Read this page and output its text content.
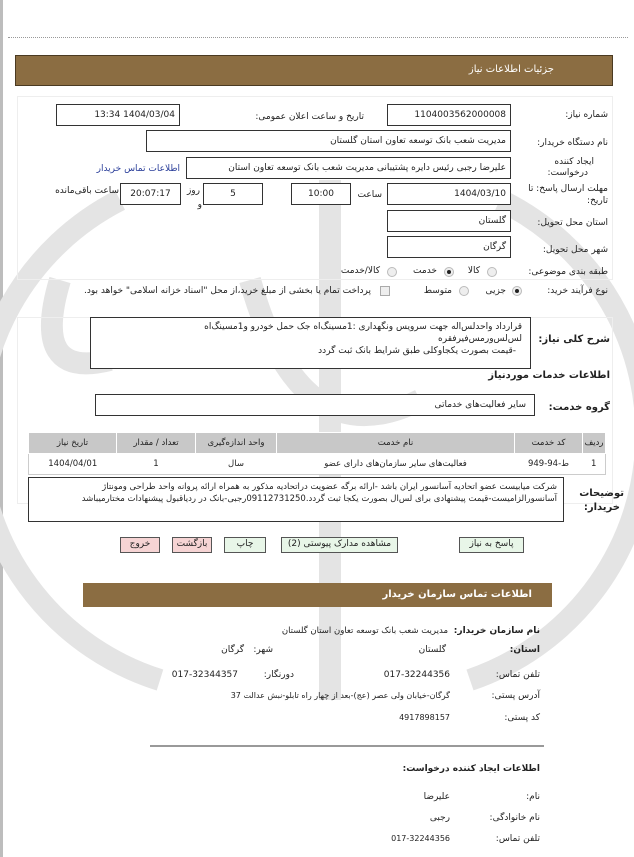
جزئیات اطلاعات نیاز
شماره نیاز:
1104003562000008
تاریخ و ساعت اعلان عمومی:
1404/03/04 13:34
نام دستگاه خریدار:
مدیریت شعب بانک توسعه تعاون استان گلستان
ایجاد کننده
درخواست:
علیرضا رجبی رئیس دایره پشتیبانی مدیریت شعب بانک توسعه تعاون استان
اطلاعات تماس خریدار
مهلت ارسال پاسخ: تا
تاریخ:
1404/03/10
ساعت
10:00
روز
و
5
20:07:17
ساعت باقی‌مانده
استان محل تحویل:
گلستان
شهر محل تحویل:
گرگان
طبقه بندی موضوعی:
کالا
خدمت
کالا/خدمت
نوع فرآیند خرید:
جزیی
متوسط
پرداخت تمام یا بخشی از مبلغ خرید،از محل "اسناد خزانه اسلامی" خواهد بود.
شرح کلی نیاز:
قرارداد واحدلس‌اله جهت سرویس ونگهداری :1مسینگ‌اه جک حمل خودرو و1مسینگ‌اه
لس‌لس‌ورمس‌فیرفقره
-قیمت بصورت یکجاوکلی طبق شرایط بانک ثبت گردد
اطلاعات خدمات موردنیاز
گروه خدمت:
سایر فعالیت‌های خدماتی
ردیف	کد خدمت	نام خدمت	واحد اندازه‌گیری	تعداد / مقدار	تاریخ نیاز
1	ط-94-949	فعالیت‌های سایر سازمان‌های دارای عضو	سال	1	1404/04/01
توضیحات
خریدار:
شرکت میابیست عضو اتحادیه آسانسور ایران باشد -ارائه برگه عضویت دراتحادیه مذکور به همراه ارائه پروانه واحد طراحی ومونتاژ آسانسورالزامیست-قیمت پیشنهادی برای لس‌ال بصورت یکجا ثبت گردد.09112731250رجبی-بانک در ردیاقبول پیشنهادات مختارمیباشد
پاسخ به نیاز
مشاهده مدارک پیوستی (2)
چاپ
بازگشت
خروج
اطلاعات تماس سازمان خریدار
نام سازمان خریدار:
مدیریت شعب بانک توسعه تعاون استان گلستان
استان:
گلستان
شهر:
گرگان
تلفن تماس:
017-32244356
دورنگار:
017-32344357
آدرس پستی:
گرگان-خیابان ولی عصر (عج)-بعد از چهار راه تابلو-نبش عدالت 37
کد پستی:
4917898157
اطلاعات ایجاد کننده درخواست:
نام:
علیرضا
نام خانوادگی:
رجبی
تلفن تماس:
017-32244356
